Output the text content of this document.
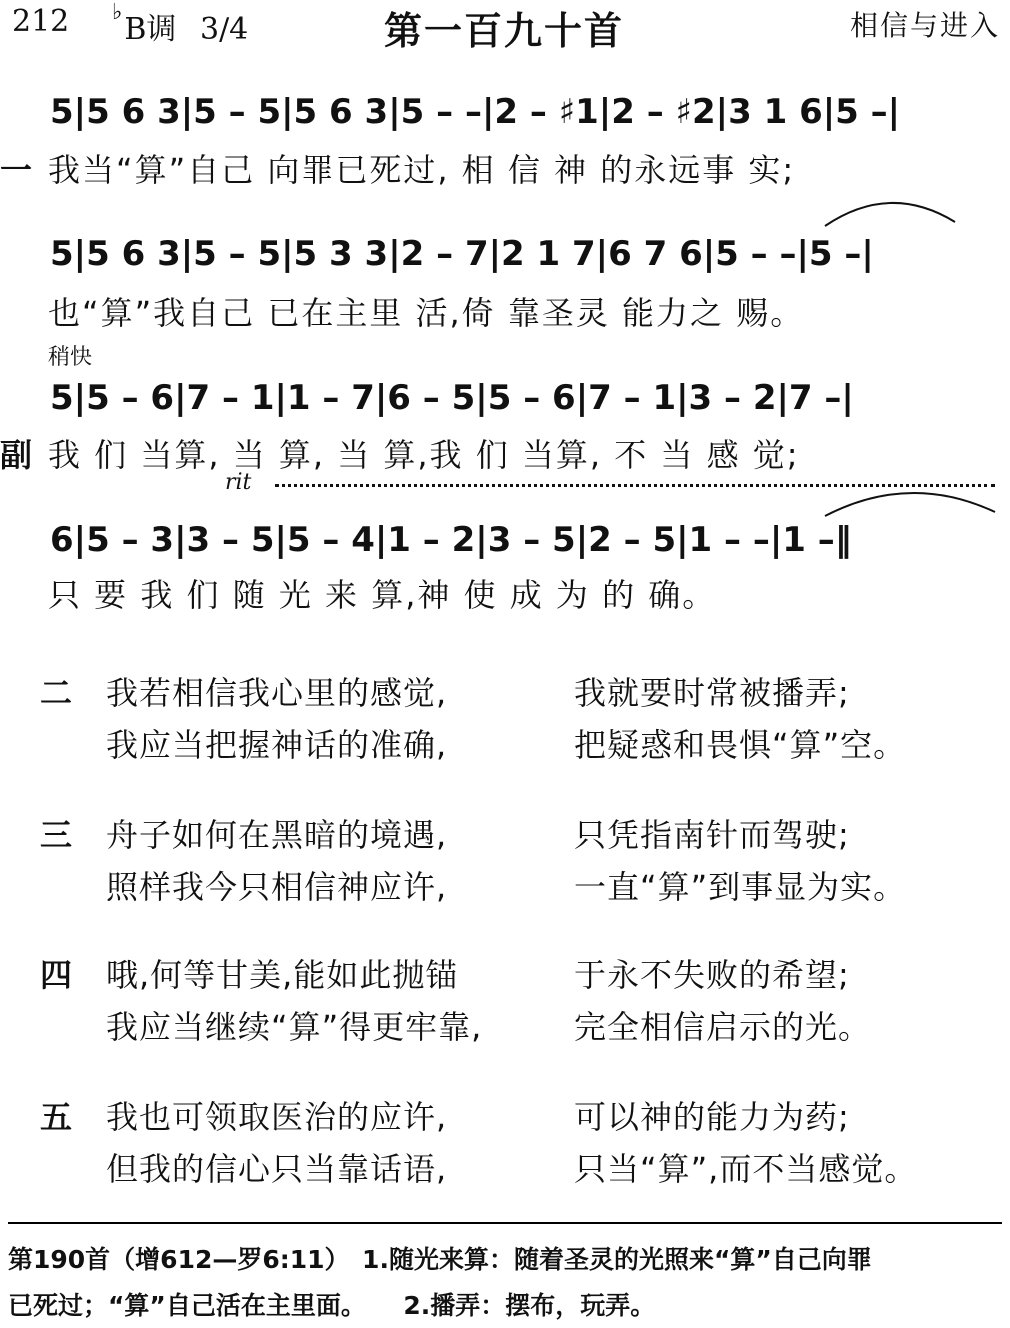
212 ♭B调 3/4	第一百九十首	相信与进入
5|5 6 3|5 – 5|5 6 3|5 – –|2 – ♯1|2 – ♯2|3 1 6|5 –|
一 我当“算”自己 向罪已死过, 相 信 神 的永远事 实;
5|5 6 3|5 – 5|5 3 3|2 – 7|2 1 7|6 7 6|5 – –|5 –|
也“算”我自己 已在主里 活,倚 靠圣灵 能力之 赐。
稍快
5|5 – 6|7 – 1|1 – 7|6 – 5|5 – 6|7 – 1|3 – 2|7 –|
副 我 们 当算, 当 算, 当 算,我 们 当算, 不 当 感 觉;
rit
6|5 – 3|3 – 5|5 – 4|1 – 2|3 – 5|2 – 5|1 – –|1 –‖
只 要 我 们 随 光 来 算,神 使 成 为 的 确。
二 我若相信我心里的感觉,	我就要时常被播弄;
我应当把握神话的准确,	把疑惑和畏惧“算”空。
三 舟子如何在黑暗的境遇,	只凭指南针而驾驶;
照样我今只相信神应许,	一直“算”到事显为实。
四 哦,何等甘美,能如此抛锚	于永不失败的希望;
我应当继续“算”得更牢靠,	完全相信启示的光。
五 我也可领取医治的应许,	可以神的能力为药;
但我的信心只当靠话语,	只当“算”,而不当感觉。
第190首（增612—罗6:11）　1.随光来算：随着圣灵的光照来“算”自己向罪
已死过；“算”自己活在主里面。　　2.播弄：摆布，玩弄。
